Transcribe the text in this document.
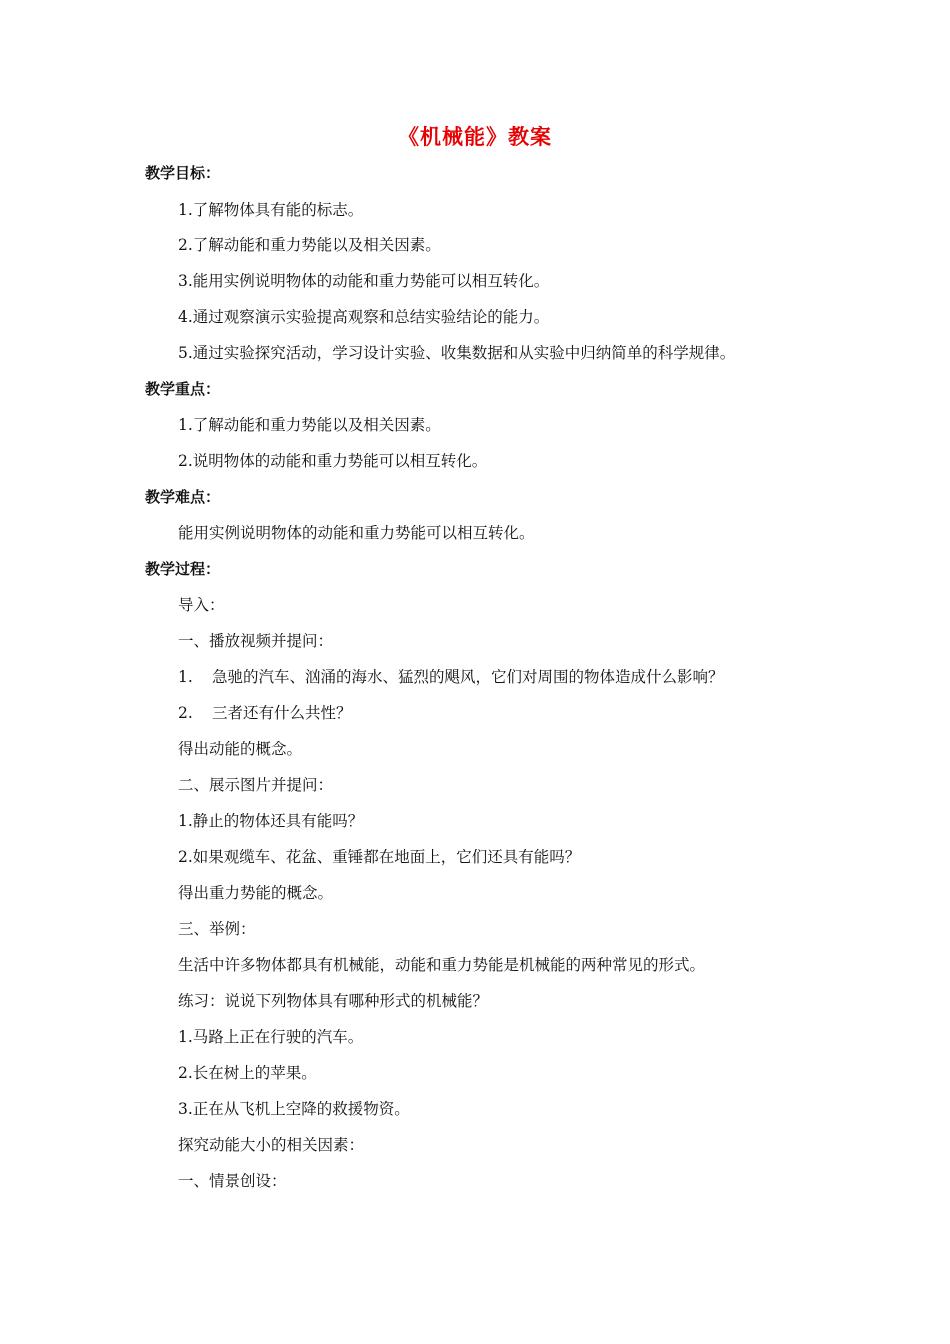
《机械能》教案
教学目标：
1.了解物体具有能的标志。
2.了解动能和重力势能以及相关因素。
3.能用实例说明物体的动能和重力势能可以相互转化。
4.通过观察演示实验提高观察和总结实验结论的能力。
5.通过实验探究活动，学习设计实验、收集数据和从实验中归纳简单的科学规律。
教学重点：
1.了解动能和重力势能以及相关因素。
2.说明物体的动能和重力势能可以相互转化。
教学难点：
能用实例说明物体的动能和重力势能可以相互转化。
教学过程：
导入：
一、播放视频并提问：
1. 急驰的汽车、汹涌的海水、猛烈的飓风，它们对周围的物体造成什么影响？
2. 三者还有什么共性？
得出动能的概念。
二、展示图片并提问：
1.静止的物体还具有能吗？
2.如果观缆车、花盆、重锤都在地面上，它们还具有能吗？
得出重力势能的概念。
三、举例：
生活中许多物体都具有机械能，动能和重力势能是机械能的两种常见的形式。
练习：说说下列物体具有哪种形式的机械能？
1.马路上正在行驶的汽车。
2.长在树上的苹果。
3.正在从飞机上空降的救援物资。
探究动能大小的相关因素：
一、情景创设：
